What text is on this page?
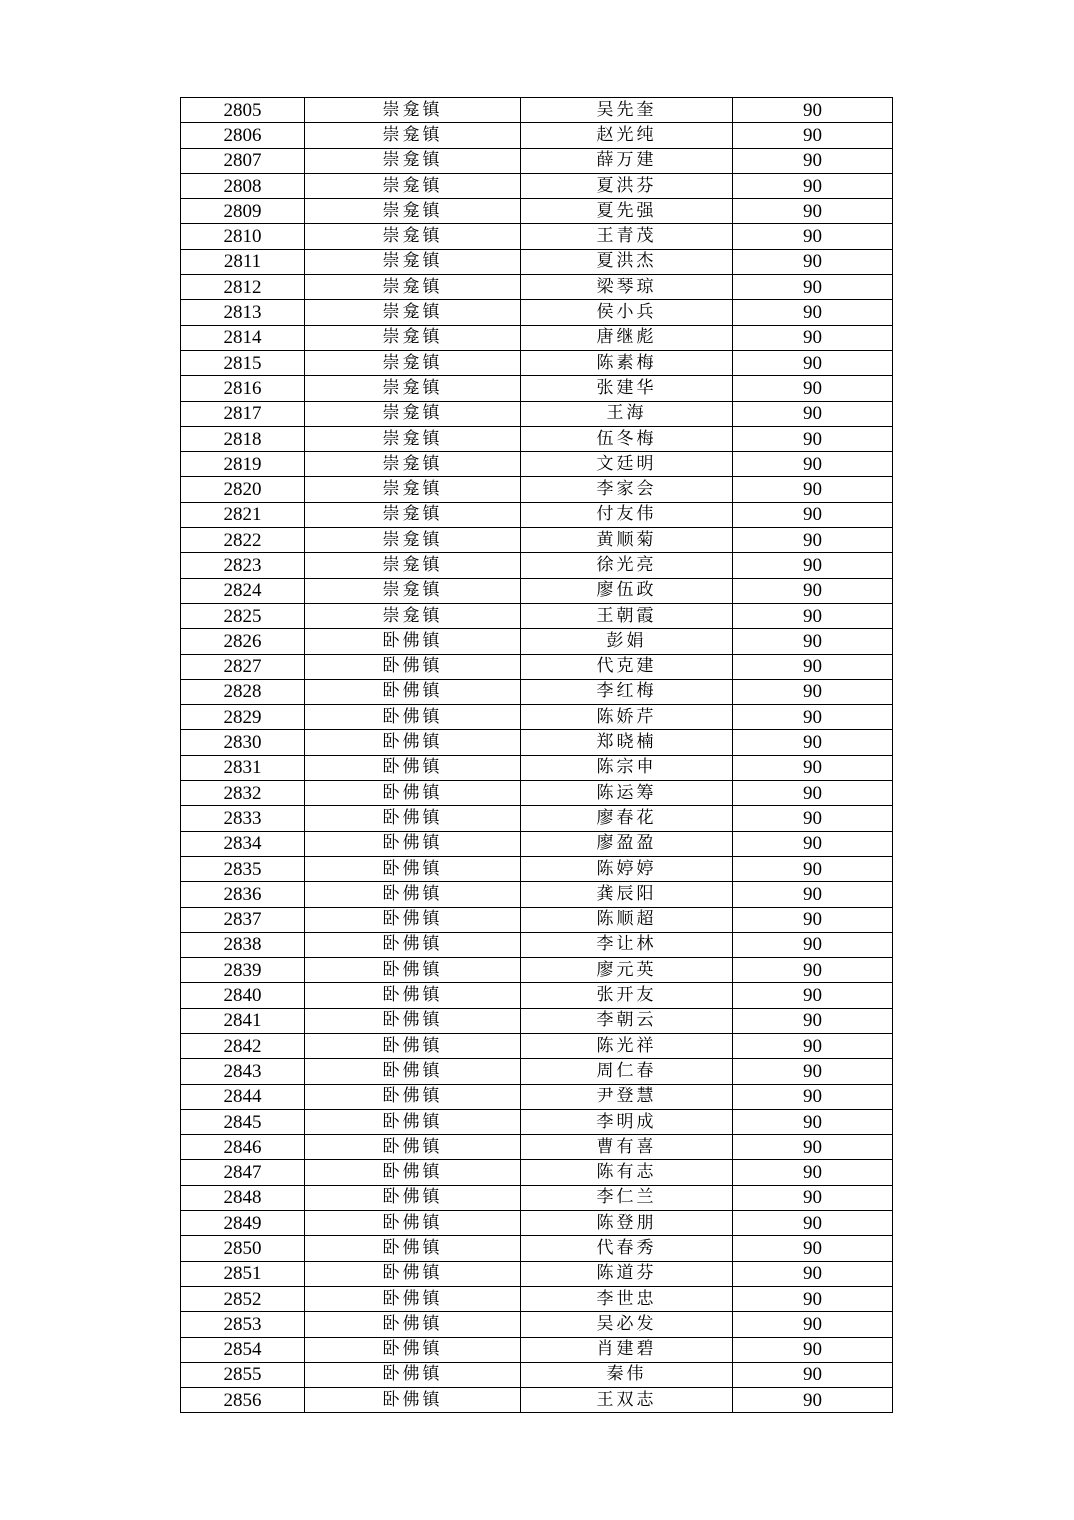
2805	崇龛镇	吴先奎	90
2806	崇龛镇	赵光纯	90
2807	崇龛镇	薛万建	90
2808	崇龛镇	夏洪芬	90
2809	崇龛镇	夏先强	90
2810	崇龛镇	王青茂	90
2811	崇龛镇	夏洪杰	90
2812	崇龛镇	梁琴琼	90
2813	崇龛镇	侯小兵	90
2814	崇龛镇	唐继彪	90
2815	崇龛镇	陈素梅	90
2816	崇龛镇	张建华	90
2817	崇龛镇	王海	90
2818	崇龛镇	伍冬梅	90
2819	崇龛镇	文廷明	90
2820	崇龛镇	李家会	90
2821	崇龛镇	付友伟	90
2822	崇龛镇	黄顺菊	90
2823	崇龛镇	徐光亮	90
2824	崇龛镇	廖伍政	90
2825	崇龛镇	王朝霞	90
2826	卧佛镇	彭娟	90
2827	卧佛镇	代克建	90
2828	卧佛镇	李红梅	90
2829	卧佛镇	陈娇芹	90
2830	卧佛镇	郑晓楠	90
2831	卧佛镇	陈宗申	90
2832	卧佛镇	陈运筹	90
2833	卧佛镇	廖春花	90
2834	卧佛镇	廖盈盈	90
2835	卧佛镇	陈婷婷	90
2836	卧佛镇	龚辰阳	90
2837	卧佛镇	陈顺超	90
2838	卧佛镇	李让林	90
2839	卧佛镇	廖元英	90
2840	卧佛镇	张开友	90
2841	卧佛镇	李朝云	90
2842	卧佛镇	陈光祥	90
2843	卧佛镇	周仁春	90
2844	卧佛镇	尹登慧	90
2845	卧佛镇	李明成	90
2846	卧佛镇	曹有喜	90
2847	卧佛镇	陈有志	90
2848	卧佛镇	李仁兰	90
2849	卧佛镇	陈登朋	90
2850	卧佛镇	代春秀	90
2851	卧佛镇	陈道芬	90
2852	卧佛镇	李世忠	90
2853	卧佛镇	吴必发	90
2854	卧佛镇	肖建碧	90
2855	卧佛镇	秦伟	90
2856	卧佛镇	王双志	90
